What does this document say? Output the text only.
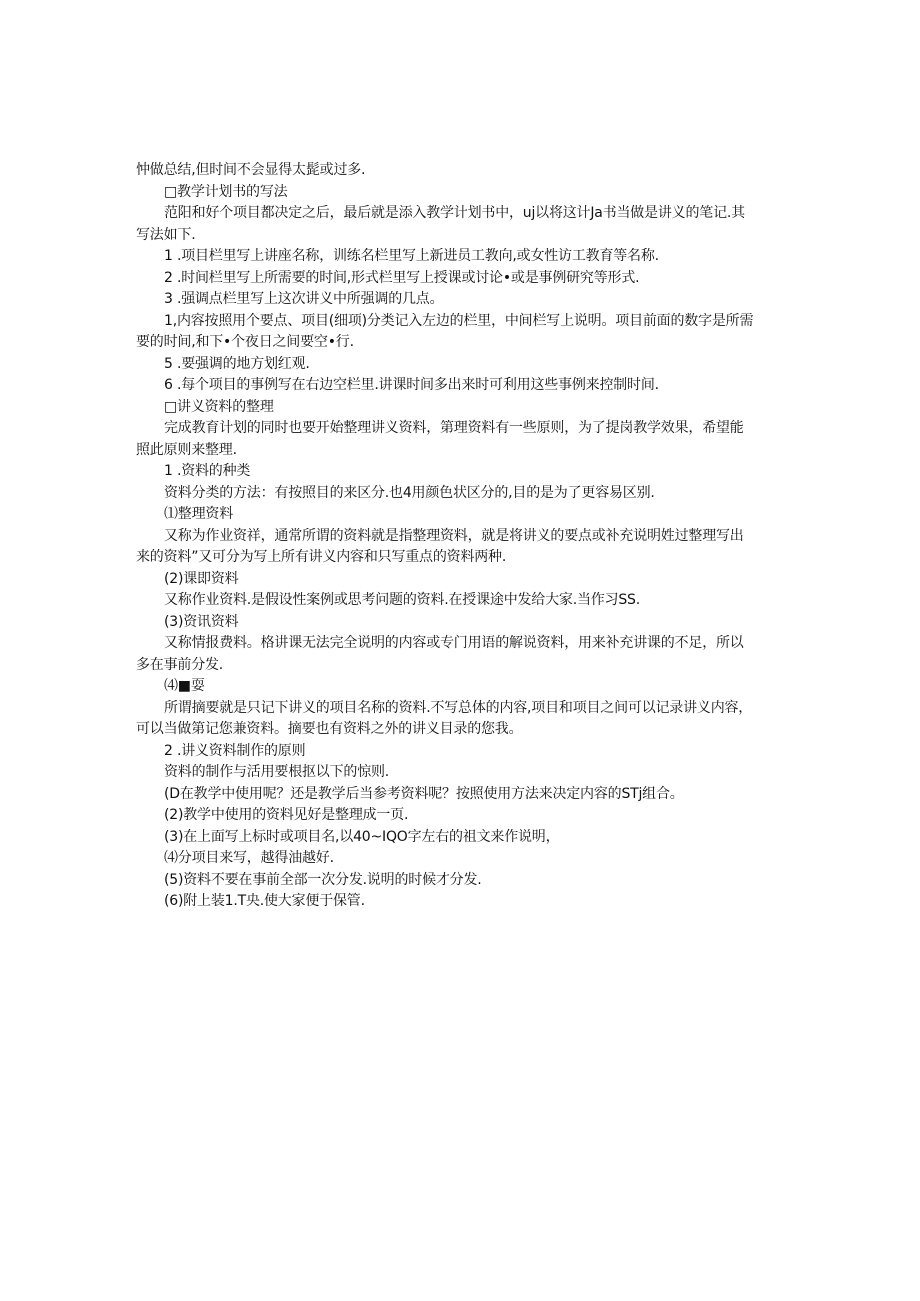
忡做总结,但时间不会显得太髭或过多.
□教学计划书的写法
范阳和好个项目都决定之后，最后就是添入教学计划书中，uj以将这计Ja书当做是讲义的笔记.其
写法如下.
1 .项目栏里写上讲座名称，训练名栏里写上新进员工教向,或女性访工教育等名称.
2 .时间栏里写上所需要的时间,形式栏里写上授课或讨论•或是事例研究等形式.
3 .强调点栏里写上这次讲义中所强调的几点。
1,内容按照用个要点、项目(细项)分类记入左边的栏里，中间栏写上说明。项目前面的数字是所需
要的时间,和下•个夜日之间要空•行.
5 .要强调的地方划红观.
6 .每个项目的事例写在右边空栏里.讲课时间多出来时可利用这些事例来控制时间.
□讲义资料的整理
完成教育计划的同时也要开始整理讲义资料，第理资料有一些原则，为了提岗教学效果，希望能
照此原则来整理.
1 .资料的种类
资料分类的方法：有按照目的来区分.也4用颜色状区分的,目的是为了更容易区别.
⑴整理资料
又称为作业资祥，通常所谓的资料就是指整理资料，就是将讲义的要点或补充说明姓过整理写出
来的资料”又可分为写上所有讲义内容和只写重点的资料两种.
(2)课即资料
又称作业资料.是假设性案例或思考问题的资料.在授课途中发给大家.当作习SS.
(3)资讯资料
又称情报费料。格讲课无法完全说明的内容或专门用语的解说资料，用来补充讲课的不足，所以
多在事前分发.
⑷■耍
所谓摘要就是只记下讲义的项目名称的资料.不写总体的内容,项目和项目之间可以记录讲义内容，
可以当做第记您兼资料。摘要也有资料之外的讲义目录的您我。
2 .讲义资料制作的原则
资料的制作与活用要根抠以下的惊则.
(D在教学中使用呢？还是教学后当参考资料呢？按照使用方法来决定内容的STj组合。
(2)教学中使用的资料见好是整理成一页.
(3)在上面写上标时或项目名,以40~IQO字左右的祖文来作说明，
⑷分项目来写，越得油越好.
(5)资料不要在事前全部一次分发.说明的时候才分发.
(6)附上装1.T央.使大家便于保管.
